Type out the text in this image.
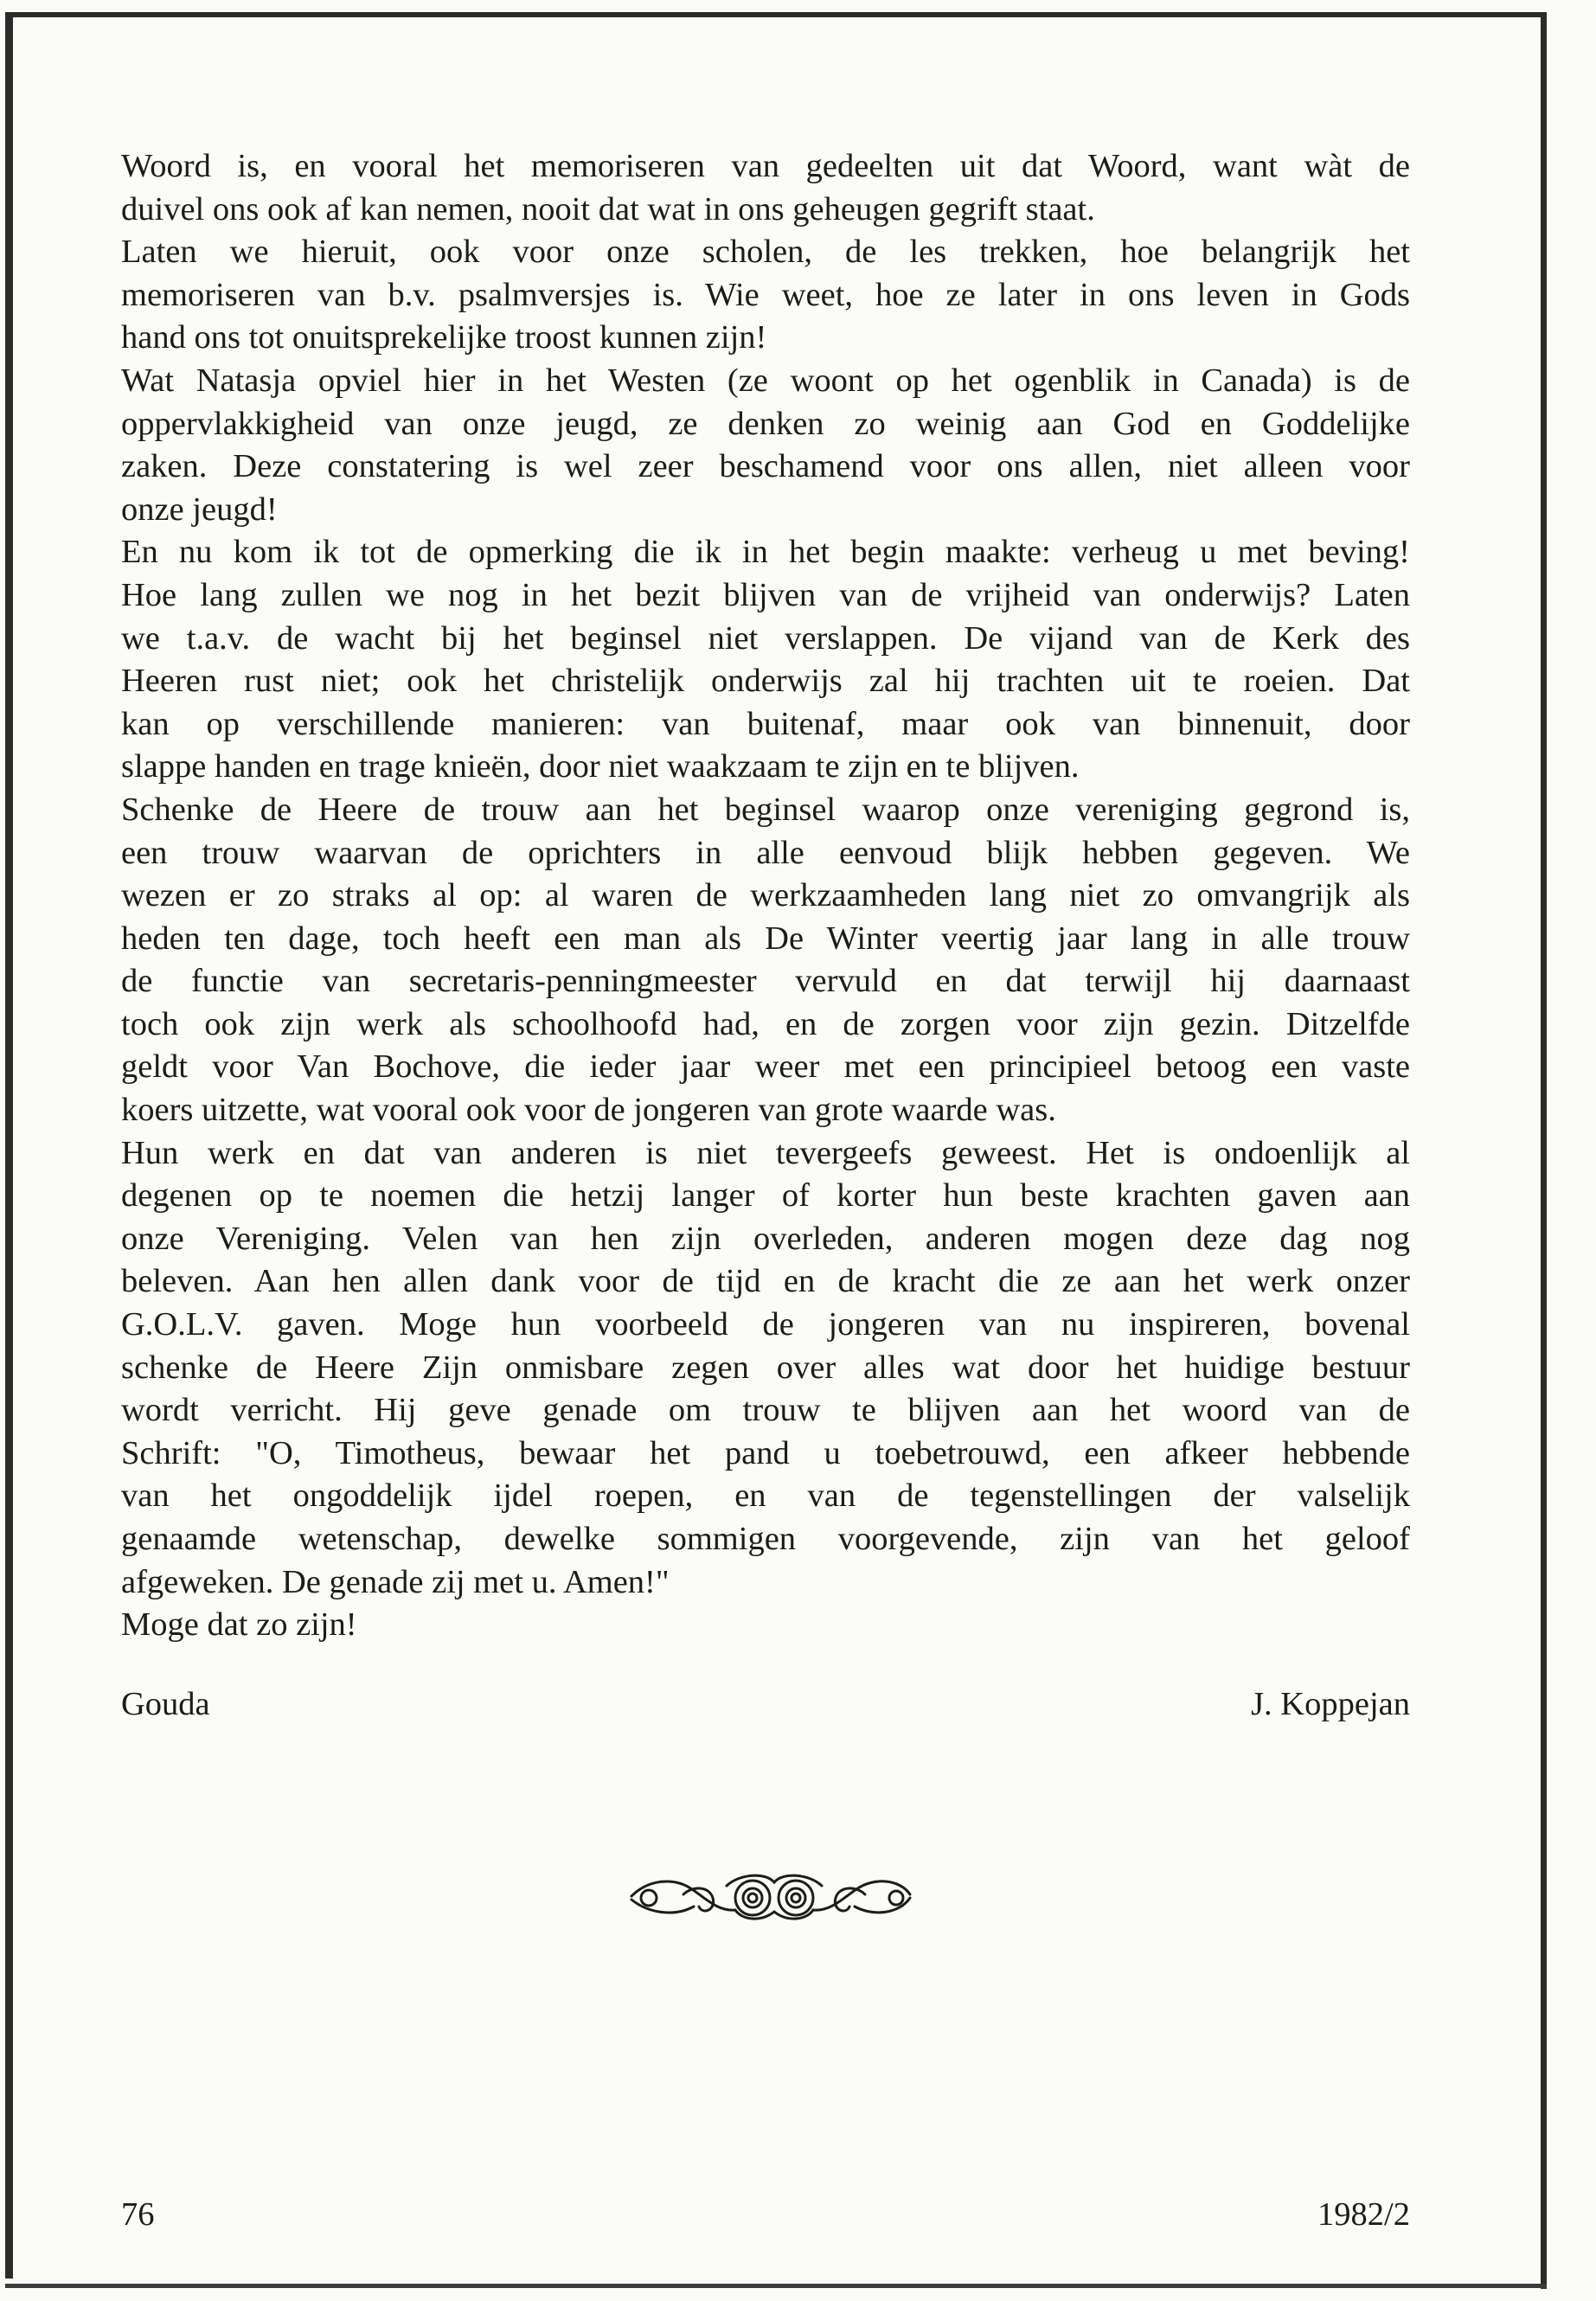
Woord is, en vooral het memoriseren van gedeelten uit dat Woord, want wàt de
duivel ons ook af kan nemen, nooit dat wat in ons geheugen gegrift staat.
Laten we hieruit, ook voor onze scholen, de les trekken, hoe belangrijk het
memoriseren van b.v. psalmversjes is. Wie weet, hoe ze later in ons leven in Gods
hand ons tot onuitsprekelijke troost kunnen zijn!
Wat Natasja opviel hier in het Westen (ze woont op het ogenblik in Canada) is de
oppervlakkigheid van onze jeugd, ze denken zo weinig aan God en Goddelijke
zaken. Deze constatering is wel zeer beschamend voor ons allen, niet alleen voor
onze jeugd!
En nu kom ik tot de opmerking die ik in het begin maakte: verheug u met beving!
Hoe lang zullen we nog in het bezit blijven van de vrijheid van onderwijs? Laten
we t.a.v. de wacht bij het beginsel niet verslappen. De vijand van de Kerk des
Heeren rust niet; ook het christelijk onderwijs zal hij trachten uit te roeien. Dat
kan op verschillende manieren: van buitenaf, maar ook van binnenuit, door
slappe handen en trage knieën, door niet waakzaam te zijn en te blijven.
Schenke de Heere de trouw aan het beginsel waarop onze vereniging gegrond is,
een trouw waarvan de oprichters in alle eenvoud blijk hebben gegeven. We
wezen er zo straks al op: al waren de werkzaamheden lang niet zo omvangrijk als
heden ten dage, toch heeft een man als De Winter veertig jaar lang in alle trouw
de functie van secretaris-penningmeester vervuld en dat terwijl hij daarnaast
toch ook zijn werk als schoolhoofd had, en de zorgen voor zijn gezin. Ditzelfde
geldt voor Van Bochove, die ieder jaar weer met een principieel betoog een vaste
koers uitzette, wat vooral ook voor de jongeren van grote waarde was.
Hun werk en dat van anderen is niet tevergeefs geweest. Het is ondoenlijk al
degenen op te noemen die hetzij langer of korter hun beste krachten gaven aan
onze Vereniging. Velen van hen zijn overleden, anderen mogen deze dag nog
beleven. Aan hen allen dank voor de tijd en de kracht die ze aan het werk onzer
G.O.L.V. gaven. Moge hun voorbeeld de jongeren van nu inspireren, bovenal
schenke de Heere Zijn onmisbare zegen over alles wat door het huidige bestuur
wordt verricht. Hij geve genade om trouw te blijven aan het woord van de
Schrift: "O, Timotheus, bewaar het pand u toebetrouwd, een afkeer hebbende
van het ongoddelijk ijdel roepen, en van de tegenstellingen der valselijk
genaamde wetenschap, dewelke sommigen voorgevende, zijn van het geloof
afgeweken. De genade zij met u. Amen!"
Moge dat zo zijn!
Gouda	J. Koppejan
76	1982/2
